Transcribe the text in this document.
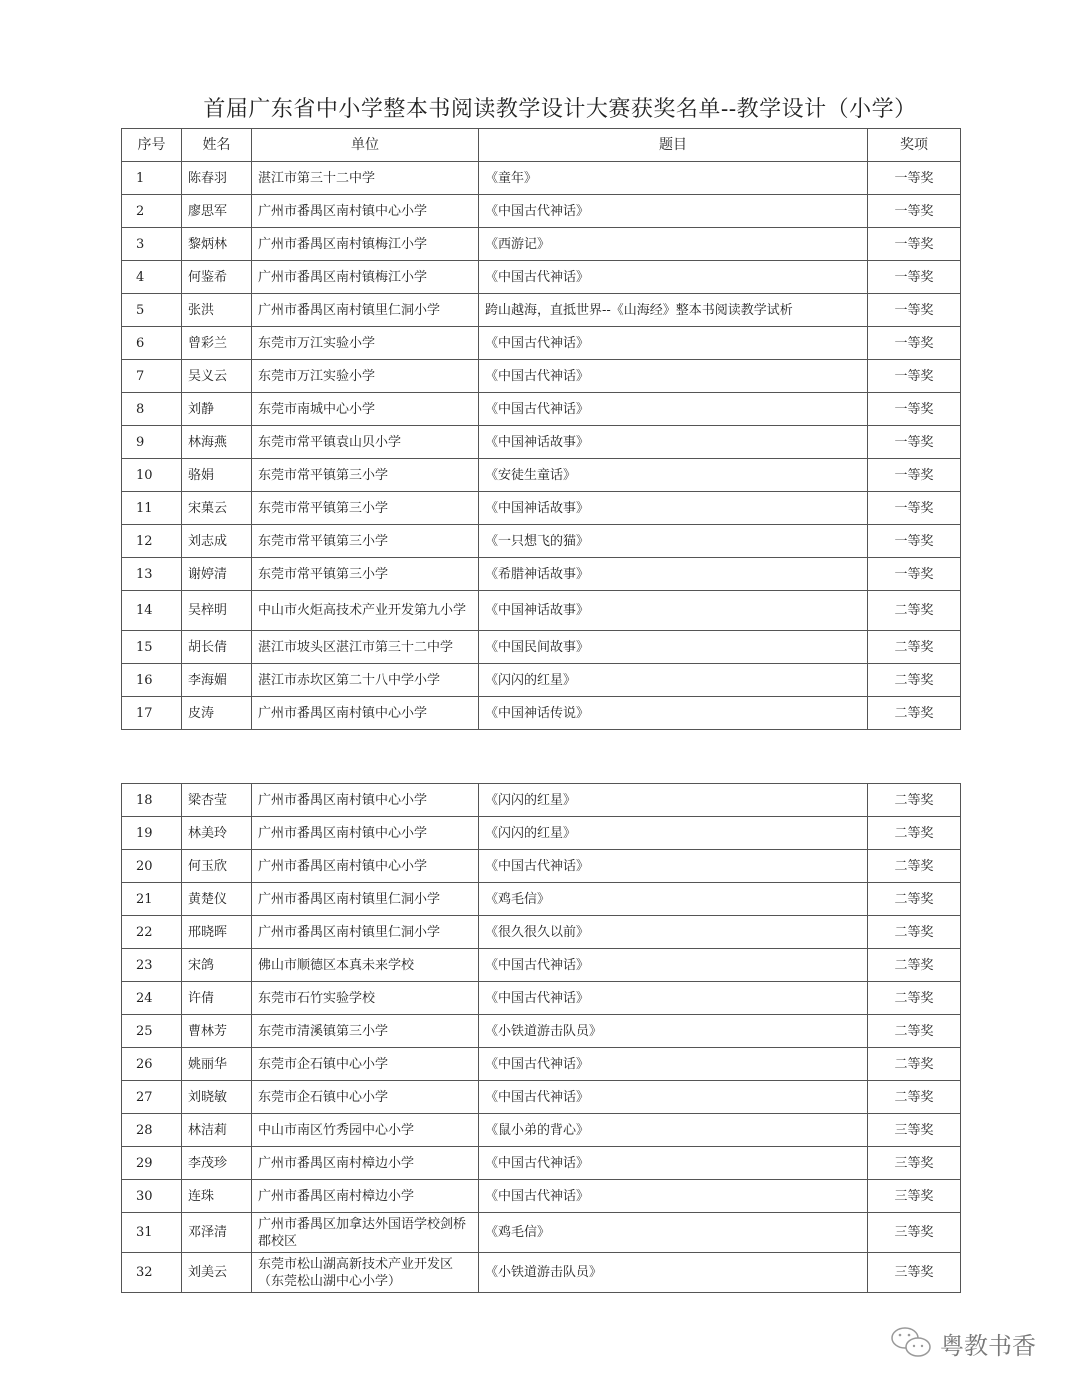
首届广东省中小学整本书阅读教学设计大赛获奖名单--教学设计（小学）
序号	姓名	单位	题目	奖项
1	陈春羽	湛江市第三十二中学	《童年》	一等奖
2	廖思军	广州市番禺区南村镇中心小学	《中国古代神话》	一等奖
3	黎炳林	广州市番禺区南村镇梅江小学	《西游记》	一等奖
4	何鉴希	广州市番禺区南村镇梅江小学	《中国古代神话》	一等奖
5	张洪	广州市番禺区南村镇里仁洞小学	跨山越海，直抵世界--《山海经》整本书阅读教学试析	一等奖
6	曾彩兰	东莞市万江实验小学	《中国古代神话》	一等奖
7	吴义云	东莞市万江实验小学	《中国古代神话》	一等奖
8	刘静	东莞市南城中心小学	《中国古代神话》	一等奖
9	林海燕	东莞市常平镇袁山贝小学	《中国神话故事》	一等奖
10	骆娟	东莞市常平镇第三小学	《安徒生童话》	一等奖
11	宋菓云	东莞市常平镇第三小学	《中国神话故事》	一等奖
12	刘志成	东莞市常平镇第三小学	《一只想飞的猫》	一等奖
13	谢婷清	东莞市常平镇第三小学	《希腊神话故事》	一等奖
14	吴梓明	中山市火炬高技术产业开发第九小学	《中国神话故事》	二等奖
15	胡长倩	湛江市坡头区湛江市第三十二中学	《中国民间故事》	二等奖
16	李海媚	湛江市赤坎区第二十八中学小学	《闪闪的红星》	二等奖
17	皮涛	广州市番禺区南村镇中心小学	《中国神话传说》	二等奖
18	梁杏莹	广州市番禺区南村镇中心小学	《闪闪的红星》	二等奖
19	林美玲	广州市番禺区南村镇中心小学	《闪闪的红星》	二等奖
20	何玉欣	广州市番禺区南村镇中心小学	《中国古代神话》	二等奖
21	黄楚仪	广州市番禺区南村镇里仁洞小学	《鸡毛信》	二等奖
22	邢晓晖	广州市番禺区南村镇里仁洞小学	《很久很久以前》	二等奖
23	宋鸽	佛山市顺德区本真未来学校	《中国古代神话》	二等奖
24	许倩	东莞市石竹实验学校	《中国古代神话》	二等奖
25	曹林芳	东莞市清溪镇第三小学	《小铁道游击队员》	二等奖
26	姚丽华	东莞市企石镇中心小学	《中国古代神话》	二等奖
27	刘晓敏	东莞市企石镇中心小学	《中国古代神话》	二等奖
28	林洁莉	中山市南区竹秀园中心小学	《鼠小弟的背心》	三等奖
29	李茂珍	广州市番禺区南村樟边小学	《中国古代神话》	三等奖
30	连珠	广州市番禺区南村樟边小学	《中国古代神话》	三等奖
31	邓泽清	广州市番禺区加拿达外国语学校剑桥郡校区	《鸡毛信》	三等奖
32	刘美云	东莞市松山湖高新技术产业开发区（东莞松山湖中心小学）	《小铁道游击队员》	三等奖
粤教书香
